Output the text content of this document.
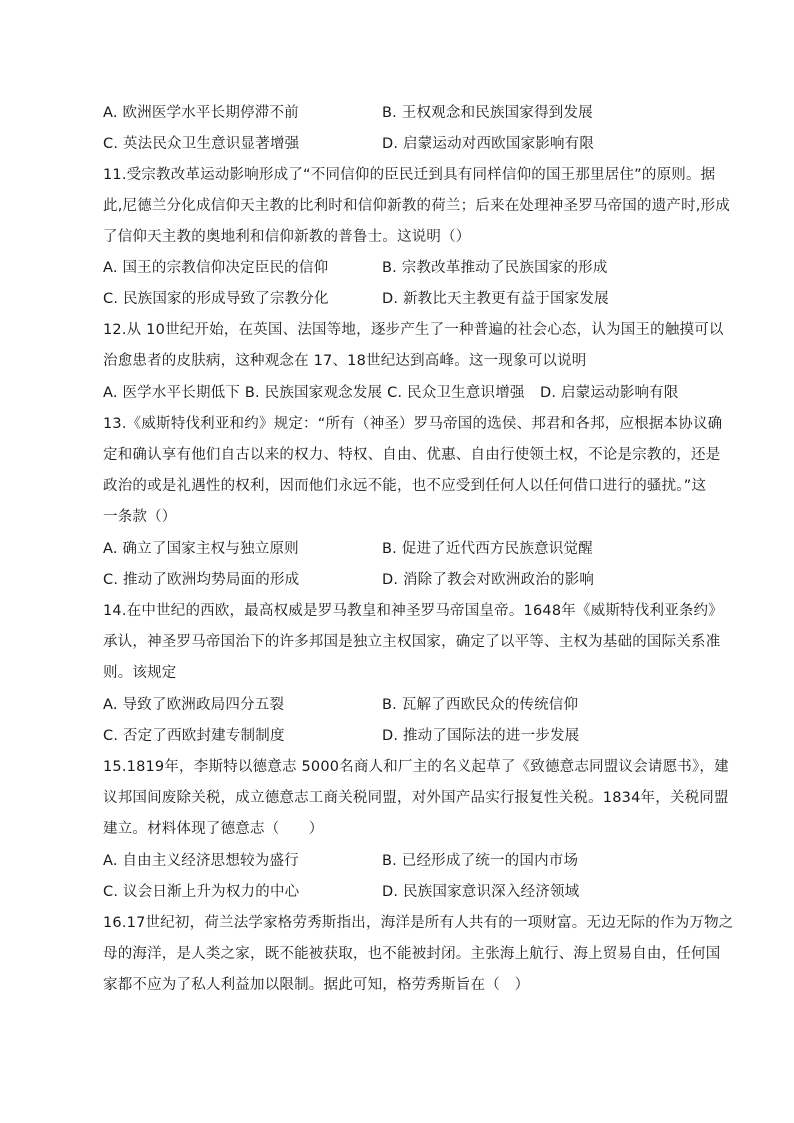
A. 欧洲医学水平长期停滞不前	B. 王权观念和民族国家得到发展
C. 英法民众卫生意识显著增强	D. 启蒙运动对西欧国家影响有限
11.受宗教改革运动影响形成了“不同信仰的臣民迁到具有同样信仰的国王那里居住”的原则。据
此,尼德兰分化成信仰天主教的比利时和信仰新教的荷兰；后来在处理神圣罗马帝国的遗产时,形成
了信仰天主教的奥地利和信仰新教的普鲁士。这说明（）
A. 国王的宗教信仰决定臣民的信仰	B. 宗教改革推动了民族国家的形成
C. 民族国家的形成导致了宗教分化	D. 新教比天主教更有益于国家发展
12.从 10世纪开始，在英国、法国等地，逐步产生了一种普遍的社会心态，认为国王的触摸可以
治愈患者的皮肤病，这种观念在 17、18世纪达到高峰。这一现象可以说明
A. 医学水平长期低下 B. 民族国家观念发展 C. 民众卫生意识增强 D. 启蒙运动影响有限
13.《威斯特伐利亚和约》规定：“所有（神圣）罗马帝国的选侯、邦君和各邦，应根据本协议确
定和确认享有他们自古以来的权力、特权、自由、优惠、自由行使领土权，不论是宗教的，还是
政治的或是礼遇性的权利，因而他们永远不能，也不应受到任何人以任何借口进行的骚扰。”这
一条款（）
A. 确立了国家主权与独立原则	B. 促进了近代西方民族意识觉醒
C. 推动了欧洲均势局面的形成	D. 消除了教会对欧洲政治的影响
14.在中世纪的西欧，最高权威是罗马教皇和神圣罗马帝国皇帝。1648年《威斯特伐利亚条约》
承认，神圣罗马帝国治下的许多邦国是独立主权国家，确定了以平等、主权为基础的国际关系准
则。该规定
A. 导致了欧洲政局四分五裂	B. 瓦解了西欧民众的传统信仰
C. 否定了西欧封建专制制度	D. 推动了国际法的进一步发展
15.1819年，李斯特以德意志 5000名商人和厂主的名义起草了《致德意志同盟议会请愿书》，建
议邦国间废除关税，成立德意志工商关税同盟，对外国产品实行报复性关税。1834年，关税同盟
建立。材料体现了德意志（　　）
A. 自由主义经济思想较为盛行	B. 已经形成了统一的国内市场
C. 议会日渐上升为权力的中心	D. 民族国家意识深入经济领域
16.17世纪初，荷兰法学家格劳秀斯指出，海洋是所有人共有的一项财富。无边无际的作为万物之
母的海洋，是人类之家，既不能被获取，也不能被封闭。主张海上航行、海上贸易自由，任何国
家都不应为了私人利益加以限制。据此可知，格劳秀斯旨在（　）
